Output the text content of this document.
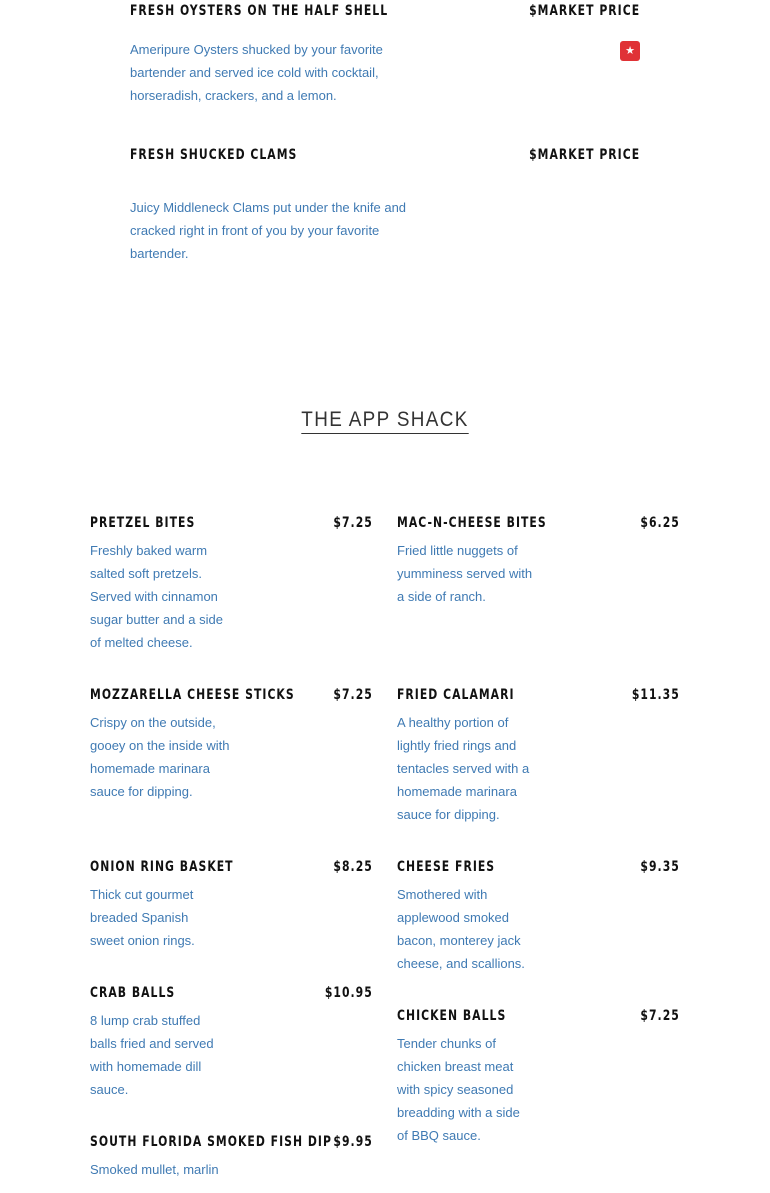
FRESH OYSTERS ON THE HALF SHELL	$MARKET PRICE
Ameripure Oysters shucked by your favorite bartender and served ice cold with cocktail, horseradish, crackers, and a lemon.
★
FRESH SHUCKED CLAMS	$MARKET PRICE
Juicy Middleneck Clams put under the knife and cracked right in front of you by your favorite bartender.
THE APP SHACK
PRETZEL BITES	$7.25
Freshly baked warm salted soft pretzels. Served with cinnamon sugar butter and a side of melted cheese.
MAC-N-CHEESE BITES	$6.25
Fried little nuggets of yumminess served with a side of ranch.
MOZZARELLA CHEESE STICKS	$7.25
Crispy on the outside, gooey on the inside with homemade marinara sauce for dipping.
FRIED CALAMARI	$11.35
A healthy portion of lightly fried rings and tentacles served with a homemade marinara sauce for dipping.
ONION RING BASKET	$8.25
Thick cut gourmet breaded Spanish sweet onion rings.
CHEESE FRIES	$9.35
Smothered with applewood smoked bacon, monterey jack cheese, and scallions.
CRAB BALLS	$10.95
8 lump crab stuffed balls fried and served with homemade dill sauce.
CHICKEN BALLS	$7.25
Tender chunks of chicken breast meat with spicy seasoned breadding with a side of BBQ sauce.
SOUTH FLORIDA SMOKED FISH DIP $9.95
Smoked mullet, marlin
